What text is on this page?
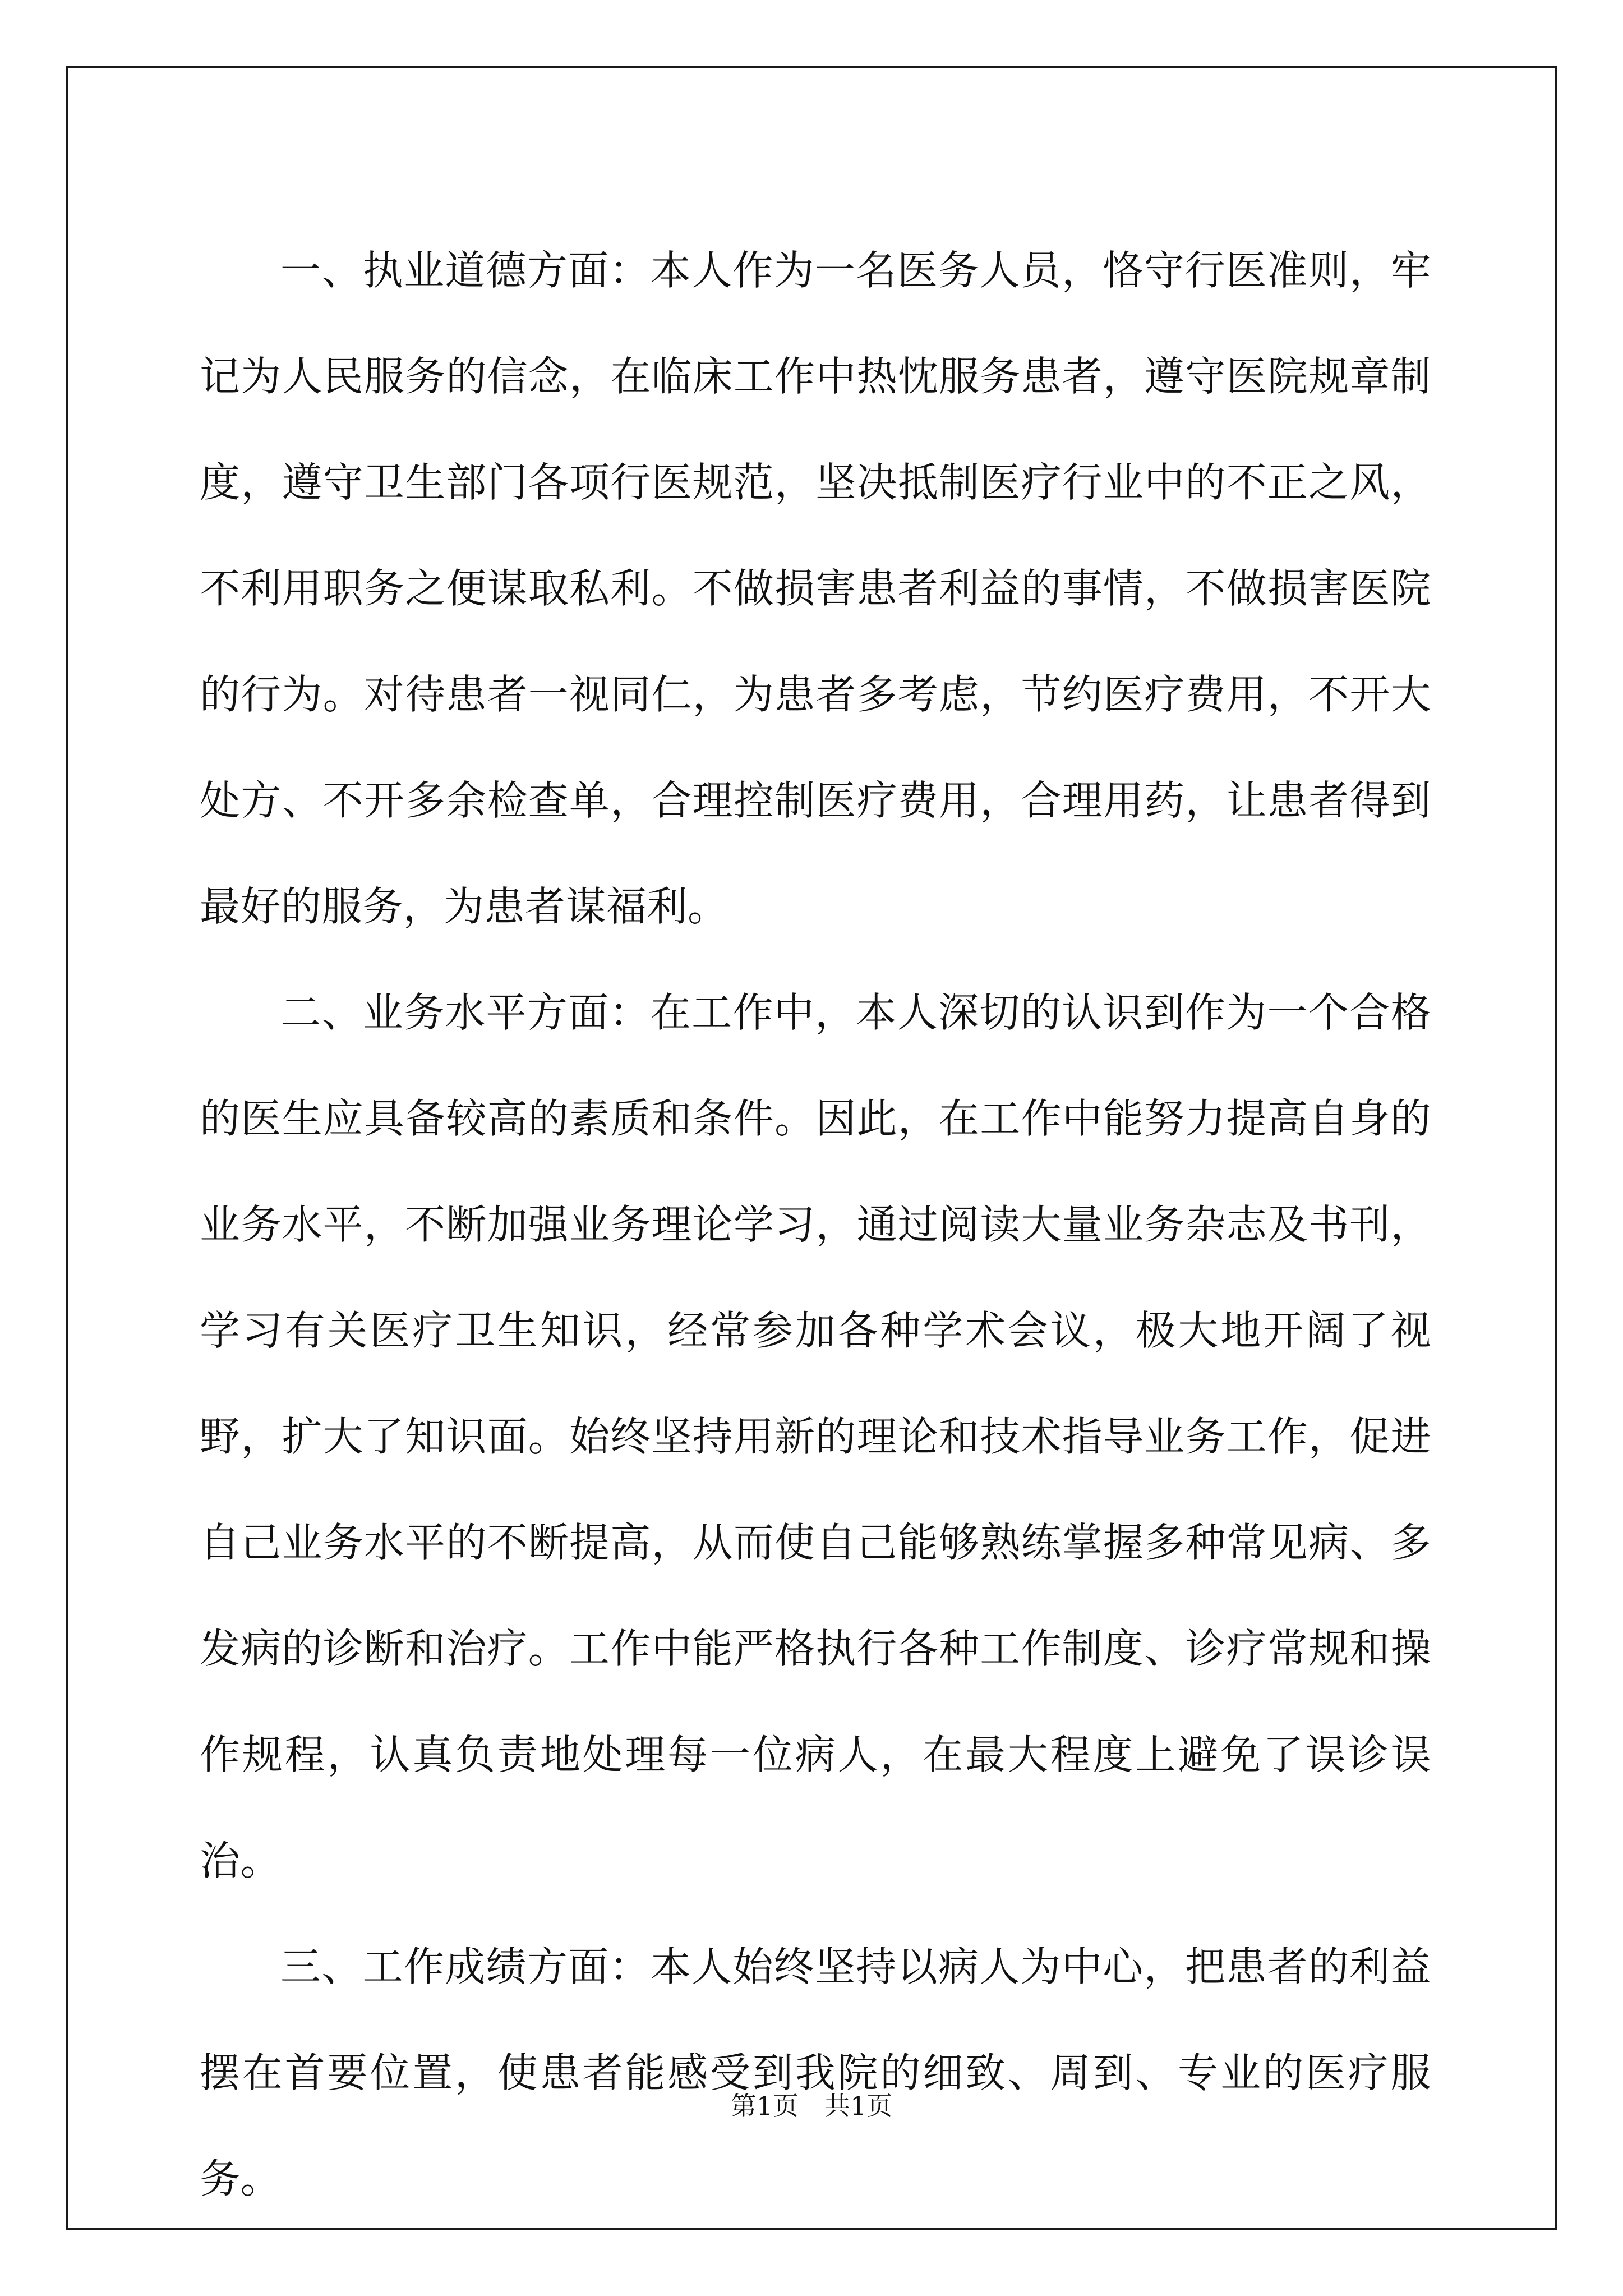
一、执业道德方面：本人作为一名医务人员，恪守行医准则，牢记为人民服务的信念，在临床工作中热忱服务患者，遵守医院规章制度，遵守卫生部门各项行医规范，坚决抵制医疗行业中的不正之风，不利用职务之便谋取私利。不做损害患者利益的事情，不做损害医院的行为。对待患者一视同仁，为患者多考虑，节约医疗费用，不开大处方、不开多余检查单，合理控制医疗费用，合理用药，让患者得到最好的服务，为患者谋福利。

二、业务水平方面：在工作中，本人深切的认识到作为一个合格的医生应具备较高的素质和条件。因此，在工作中能努力提高自身的业务水平，不断加强业务理论学习，通过阅读大量业务杂志及书刊，学习有关医疗卫生知识，经常参加各种学术会议，极大地开阔了视野，扩大了知识面。始终坚持用新的理论和技术指导业务工作，促进自己业务水平的不断提高，从而使自己能够熟练掌握多种常见病、多发病的诊断和治疗。工作中能严格执行各种工作制度、诊疗常规和操作规程，认真负责地处理每一位病人，在最大程度上避免了误诊误治。

三、工作成绩方面：本人始终坚持以病人为中心，把患者的利益摆在首要位置，使患者能感受到我院的细致、周到、专业的医疗服务。

第1页　共1页
